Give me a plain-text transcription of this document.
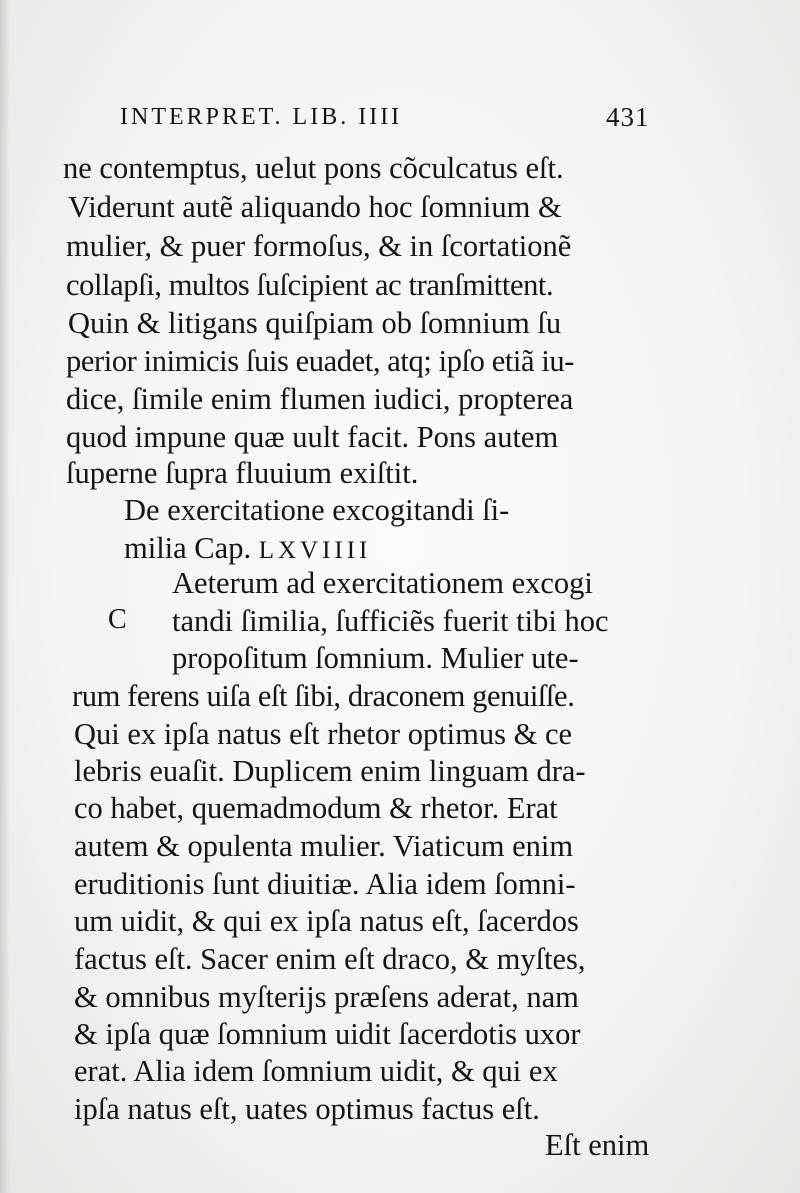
INTERPRET. LIB. IIII	431
ne contemptus, uelut pons cõculcatus eſt.
Viderunt autẽ aliquando hoc ſomnium &
mulier, & puer formoſus, & in ſcortationẽ
collapſi, multos ſuſcipient ac tranſmittent.
Quin & litigans quiſpiam ob ſomnium ſu
perior inimicis ſuis euadet, atq; ipſo etiã iu-
dice, ſimile enim flumen iudici, propterea
quod impune quæ uult facit. Pons autem
ſuperne ſupra fluuium exiſtit.
De exercitatione excogitandi ſi-
milia Cap. LXVIIII
C
Aeterum ad exercitationem excogi
tandi ſimilia, ſufficiẽs fuerit tibi hoc
propoſitum ſomnium. Mulier ute-
rum ferens uiſa eſt ſibi, draconem genuiſſe.
Qui ex ipſa natus eſt rhetor optimus & ce
lebris euaſit. Duplicem enim linguam dra-
co habet, quemadmodum & rhetor. Erat
autem & opulenta mulier. Viaticum enim
eruditionis ſunt diuitiæ. Alia idem ſomni-
um uidit, & qui ex ipſa natus eſt, ſacerdos
factus eſt. Sacer enim eſt draco, & myſtes,
& omnibus myſterijs præſens aderat, nam
& ipſa quæ ſomnium uidit ſacerdotis uxor
erat. Alia idem ſomnium uidit, & qui ex
ipſa natus eſt, uates optimus factus eſt.
Eſt enim
